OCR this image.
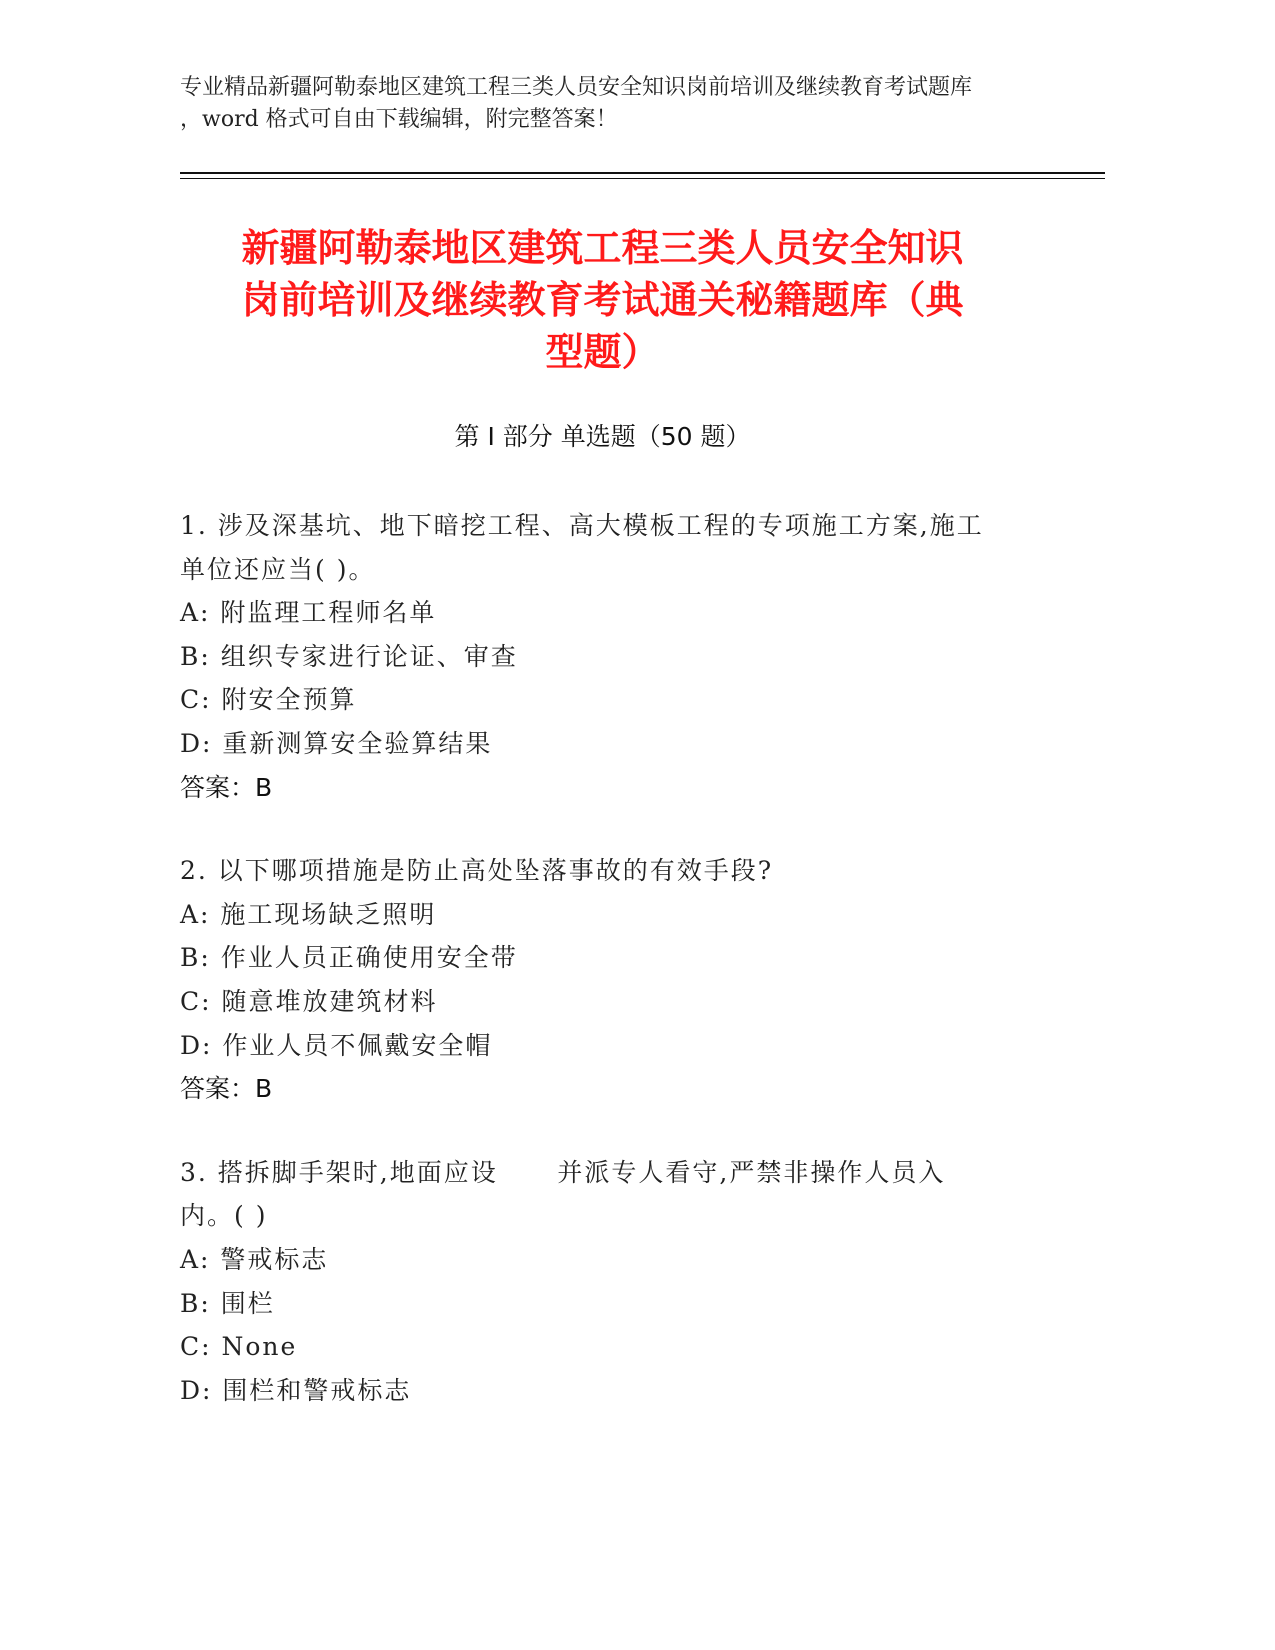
专业精品新疆阿勒泰地区建筑工程三类人员安全知识岗前培训及继续教育考试题库
，word 格式可自由下载编辑，附完整答案！
新疆阿勒泰地区建筑工程三类人员安全知识
岗前培训及继续教育考试通关秘籍题库（典
型题）
第 I 部分 单选题（50 题）
1. 涉及深基坑、地下暗挖工程、高大模板工程的专项施工方案,施工
单位还应当( )。
A: 附监理工程师名单
B: 组织专家进行论证、审查
C: 附安全预算
D: 重新测算安全验算结果
答案：B
2. 以下哪项措施是防止高处坠落事故的有效手段?
A: 施工现场缺乏照明
B: 作业人员正确使用安全带
C: 随意堆放建筑材料
D: 作业人员不佩戴安全帽
答案：B
3. 搭拆脚手架时,地面应设      并派专人看守,严禁非操作人员入
内。( )
A: 警戒标志
B: 围栏
C: None
D: 围栏和警戒标志
